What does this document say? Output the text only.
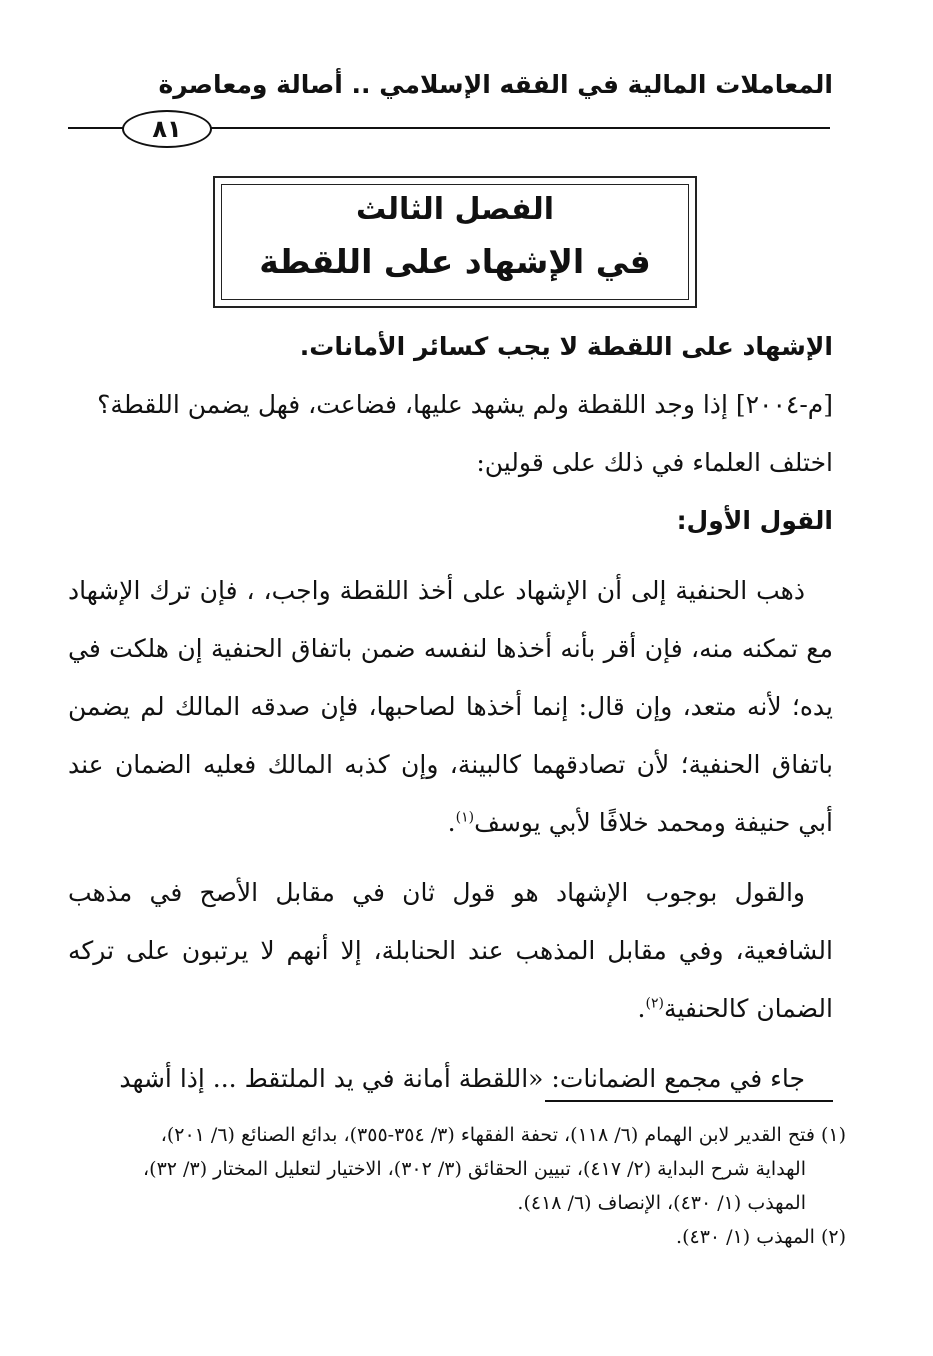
المعاملات المالية في الفقه الإسلامي .. أصالة ومعاصرة
٨١
الفصل الثالث
في الإشهاد على اللقطة

الإشهاد على اللقطة لا يجب كسائر الأمانات.

[م-٢٠٠٤] إذا وجد اللقطة ولم يشهد عليها، فضاعت، فهل يضمن اللقطة؟

اختلف العلماء في ذلك على قولين:

القول الأول:

ذهب الحنفية إلى أن الإشهاد على أخذ اللقطة واجب، ، فإن ترك الإشهاد مع تمكنه منه، فإن أقر بأنه أخذها لنفسه ضمن باتفاق الحنفية إن هلكت في يده؛ لأنه متعد، وإن قال: إنما أخذها لصاحبها، فإن صدقه المالك لم يضمن باتفاق الحنفية؛ لأن تصادقهما كالبينة، وإن كذبه المالك فعليه الضمان عند أبي حنيفة ومحمد خلافًا لأبي يوسف$^{(١)}$.

والقول بوجوب الإشهاد هو قول ثان في مقابل الأصح في مذهب الشافعية، وفي مقابل المذهب عند الحنابلة، إلا أنهم لا يرتبون على تركه الضمان كالحنفية$^{(٢)}$.

جاء في مجمع الضمانات: «اللقطة أمانة في يد الملتقط ... إذا أشهد

(١) فتح القدير لابن الهمام (٦/ ١١٨)، تحفة الفقهاء (٣/ ٣٥٤-٣٥٥)، بدائع الصنائع (٦/ ٢٠١)،

الهداية شرح البداية (٢/ ٤١٧)، تبيين الحقائق (٣/ ٣٠٢)، الاختيار لتعليل المختار (٣/ ٣٢)،

المهذب (١/ ٤٣٠)، الإنصاف (٦/ ٤١٨).

(٢) المهذب (١/ ٤٣٠).
